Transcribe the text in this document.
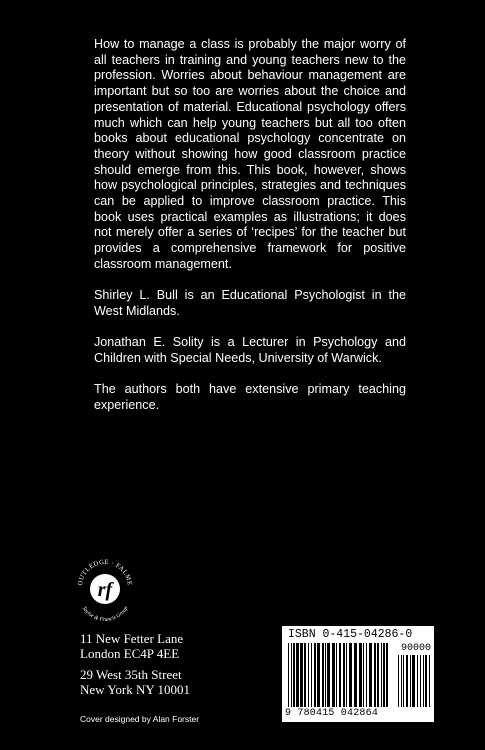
How to manage a class is probably the major worry of all teachers in training and young teachers new to the profession. Worries about behaviour management are important but so too are worries about the choice and presentation of material. Educational psychology offers much which can help young teachers but all too often books about educational psychology concentrate on theory without showing how good classroom practice should emerge from this. This book, however, shows how psychological principles, strategies and techniques can be applied to improve classroom practice. This book uses practical examples as illustrations; it does not merely offer a series of ‘recipes’ for the teacher but provides a comprehensive framework for positive classroom management.

Shirley L. Bull is an Educational Psychologist in the West Midlands.

Jonathan E. Solity is a Lecturer in Psychology and Children with Special Needs, University of Warwick.

The authors both have extensive primary teaching experience.

rf
OUTLEDGE · FALME
Taylor & Francis Group
11 New Fetter Lane
London EC4P 4EE
29 West 35th Street
New York NY 10001
Cover designed by Alan Forster
ISBN 0-415-04286-0
90000
9 780415 042864
